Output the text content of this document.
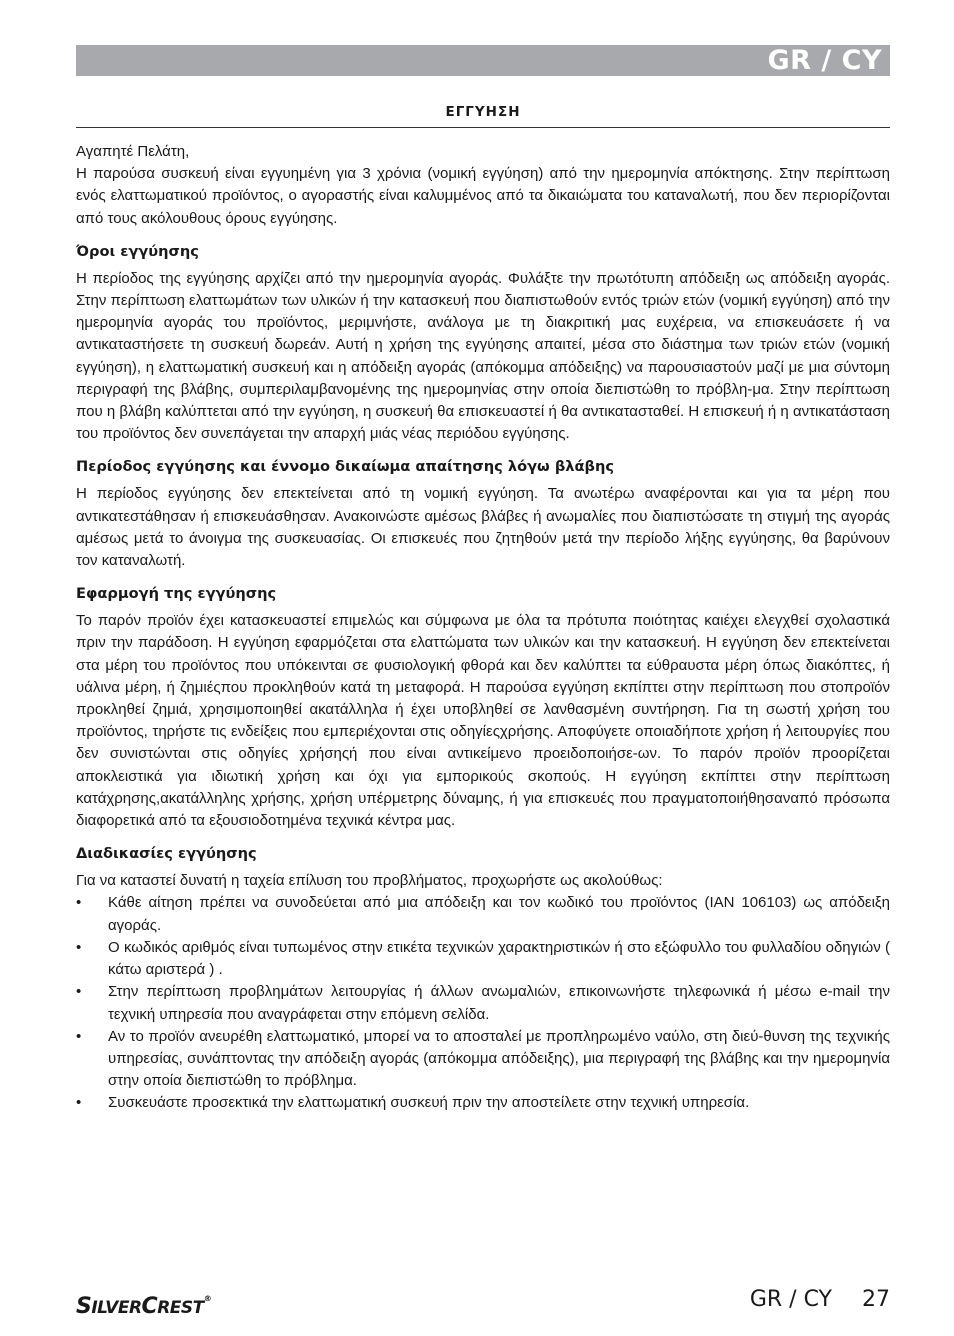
GR / CY
ΕΓΓΥΗΣΗ

Αγαπητέ Πελάτη,

Η παρούσα συσκευή είναι εγγυημένη για 3 χρόνια (νομική εγγύηση) από την ημερομηνία απόκτησης. Στην περίπτωση ενός ελαττωματικού προϊόντος, ο αγοραστής είναι καλυμμένος από τα δικαιώματα του καταναλωτή, που δεν περιορίζονται από τους ακόλουθους όρους εγγύησης.

Όροι εγγύησης

Η περίοδος της εγγύησης αρχίζει από την ημερομηνία αγοράς. Φυλάξτε την πρωτότυπη απόδειξη ως απόδειξη αγοράς. Στην περίπτωση ελαττωμάτων των υλικών ή την κατασκευή που διαπιστωθούν εντός τριών ετών (νομική εγγύηση) από την ημερομηνία αγοράς του προϊόντος, μεριμνήστε, ανάλογα με τη διακριτική μας ευχέρεια, να επισκευάσετε ή να αντικαταστήσετε τη συσκευή δωρεάν. Αυτή η χρήση της εγγύησης απαιτεί, μέσα στο διάστημα των τριών ετών (νομική εγγύηση), η ελαττωματική συσκευή και η απόδειξη αγοράς (απόκομμα απόδειξης) να παρουσιαστούν μαζί με μια σύντομη περιγραφή της βλάβης, συμπεριλαμβανομένης της ημερομηνίας στην οποία διεπιστώθη το πρόβλη-μα. Στην περίπτωση που η βλάβη καλύπτεται από την εγγύηση, η συσκευή θα επισκευαστεί ή θα αντικατασταθεί. Η επισκευή ή η αντικατάσταση του προϊόντος δεν συνεπάγεται την απαρχή μιάς νέας περιόδου εγγύησης.

Περίοδος εγγύησης και έννομο δικαίωμα απαίτησης λόγω βλάβης

Η περίοδος εγγύησης δεν επεκτείνεται από τη νομική εγγύηση. Τα ανωτέρω αναφέρονται και για τα μέρη που αντικατεστάθησαν ή επισκευάσθησαν. Ανακοινώστε αμέσως βλάβες ή ανωμαλίες που διαπιστώσατε τη στιγμή της αγοράς αμέσως μετά το άνοιγμα της συσκευασίας. Οι επισκευές που ζητηθούν μετά την περίοδο λήξης εγγύησης, θα βαρύνουν τον καταναλωτή.

Εφαρμογή της εγγύησης

Το παρόν προϊόν έχει κατασκευαστεί επιμελώς και σύμφωνα με όλα τα πρότυπα ποιότητας καιέχει ελεγχθεί σχολαστικά πριν την παράδοση. Η εγγύηση εφαρμόζεται στα ελαττώματα των υλικών και την κατασκευή. Η εγγύηση δεν επεκτείνεται στα μέρη του προϊόντος που υπόκεινται σε φυσιολογική φθορά και δεν καλύπτει τα εύθραυστα μέρη όπως διακόπτες, ή υάλινα μέρη, ή ζημιέςπου προκληθούν κατά τη μεταφορά. Η παρούσα εγγύηση εκπίπτει στην περίπτωση που στοπροϊόν προκληθεί ζημιά, χρησιμοποιηθεί ακατάλληλα ή έχει υποβληθεί σε λανθασμένη συντήρηση. Για τη σωστή χρήση του προϊόντος, τηρήστε τις ενδείξεις που εμπεριέχονται στις οδηγίεςχρήσης. Αποφύγετε οποιαδήποτε χρήση ή λειτουργίες που δεν συνιστώνται στις οδηγίες χρήσηςή που είναι αντικείμενο προειδοποιήσε-ων. Το παρόν προϊόν προορίζεται αποκλειστικά για ιδιωτική χρήση και όχι για εμπορικούς σκοπούς. Η εγγύηση εκπίπτει στην περίπτωση κατάχρησης,ακατάλληλης χρήσης, χρήση υπέρμετρης δύναμης, ή για επισκευές που πραγματοποιήθησαναπό πρόσωπα διαφορετικά από τα εξουσιοδοτημένα τεχνικά κέντρα μας.

Διαδικασίες εγγύησης

Για να καταστεί δυνατή η ταχεία επίλυση του προβλήματος, προχωρήστε ως ακολούθως:

• Κάθε αίτηση πρέπει να συνοδεύεται από μια απόδειξη και τον κωδικό του προϊόντος (IAN 106103) ως απόδειξη αγοράς.
• Ο κωδικός αριθμός είναι τυπωμένος στην ετικέτα τεχνικών χαρακτηριστικών ή στο εξώφυλλο του φυλλαδίου οδηγιών ( κάτω αριστερά ) .
• Στην περίπτωση προβλημάτων λειτουργίας ή άλλων ανωμαλιών, επικοινωνήστε τηλεφωνικά ή μέσω e-mail την τεχνική υπηρεσία που αναγράφεται στην επόμενη σελίδα.
• Αν το προϊόν ανευρέθη ελαττωματικό, μπορεί να το αποσταλεί με προπληρωμένο ναύλο, στη διεύ-θυνση της τεχνικής υπηρεσίας, συνάπτοντας την απόδειξη αγοράς (απόκομμα απόδειξης), μια περιγραφή της βλάβης και την ημερομηνία στην οποία διεπιστώθη το πρόβλημα.
• Συσκευάστε προσεκτικά την ελαττωματική συσκευή πριν την αποστείλετε στην τεχνική υπηρεσία.
SILVERCREST®	GR / CY 27
